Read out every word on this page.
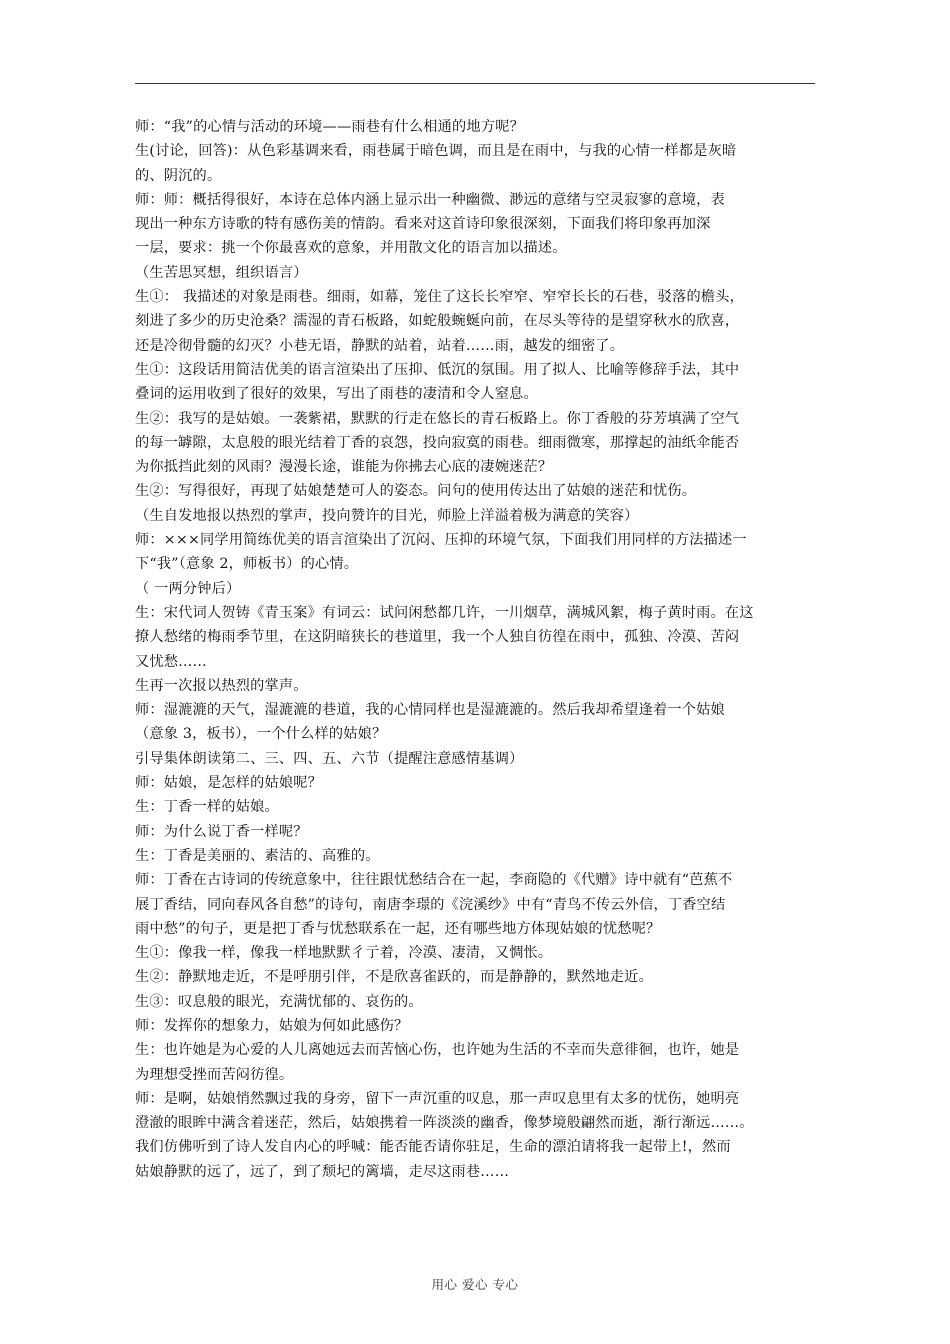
师：“我”的心情与活动的环境——雨巷有什么相通的地方呢？
生(讨论，回答)：从色彩基调来看，雨巷属于暗色调，而且是在雨中，与我的心情一样都是灰暗
的、阴沉的。
师：师：概括得很好，本诗在总体内涵上显示出一种幽微、渺远的意绪与空灵寂寥的意境，表
现出一种东方诗歌的特有感伤美的情韵。看来对这首诗印象很深刻，下面我们将印象再加深
一层，要求：挑一个你最喜欢的意象，并用散文化的语言加以描述。
（生苦思冥想，组织语言）
生①： 我描述的对象是雨巷。细雨，如幕，笼住了这长长窄窄、窄窄长长的石巷，驳落的檐头，
刻进了多少的历史沧桑？濡湿的青石板路，如蛇般蜿蜒向前，在尽头等待的是望穿秋水的欣喜，
还是冷彻骨髓的幻灭？小巷无语，静默的站着，站着……雨，越发的细密了。
生①：这段话用简洁优美的语言渲染出了压抑、低沉的氛围。用了拟人、比喻等修辞手法，其中
叠词的运用收到了很好的效果，写出了雨巷的凄清和令人窒息。
生②：我写的是姑娘。一袭紫裙，默默的行走在悠长的青石板路上。你丁香般的芬芳填满了空气
的每一罅隙，太息般的眼光结着丁香的哀怨，投向寂寞的雨巷。细雨微寒，那撑起的油纸伞能否
为你抵挡此刻的风雨？漫漫长途，谁能为你拂去心底的凄婉迷茫？
生②：写得很好，再现了姑娘楚楚可人的姿态。问句的使用传达出了姑娘的迷茫和忧伤。
（生自发地报以热烈的掌声，投向赞许的目光，师脸上洋溢着极为满意的笑容）
师：×××同学用简练优美的语言渲染出了沉闷、压抑的环境气氛，下面我们用同样的方法描述一
下“我”（意象 2，师板书）的心情。
（ 一两分钟后）
生：宋代词人贺铸《青玉案》有词云：试问闲愁都几许，一川烟草，满城风絮，梅子黄时雨。在这
撩人愁绪的梅雨季节里，在这阴暗狭长的巷道里，我一个人独自彷徨在雨中，孤独、冷漠、苦闷
又忧愁……
生再一次报以热烈的掌声。
师：湿漉漉的天气，湿漉漉的巷道，我的心情同样也是湿漉漉的。然后我却希望逢着一个姑娘
（意象 3，板书），一个什么样的姑娘？
引导集体朗读第二、三、四、五、六节（提醒注意感情基调）
师：姑娘，是怎样的姑娘呢？
生：丁香一样的姑娘。
师：为什么说丁香一样呢？
生：丁香是美丽的、素洁的、高雅的。
师：丁香在古诗词的传统意象中，往往跟忧愁结合在一起，李商隐的《代赠》诗中就有“芭蕉不
展丁香结，同向春风各自愁”的诗句，南唐李璟的《浣溪纱》中有“青鸟不传云外信，丁香空结
雨中愁”的句子，更是把丁香与忧愁联系在一起，还有哪些地方体现姑娘的忧愁呢？
生①：像我一样，像我一样地默默彳亍着，冷漠、凄清，又惆怅。
生②：静默地走近，不是呼朋引伴，不是欣喜雀跃的，而是静静的，默然地走近。
生③：叹息般的眼光，充满忧郁的、哀伤的。
师：发挥你的想象力，姑娘为何如此感伤？
生：也许她是为心爱的人儿离她远去而苦恼心伤，也许她为生活的不幸而失意徘徊，也许，她是
为理想受挫而苦闷彷徨。
师：是啊，姑娘悄然飘过我的身旁，留下一声沉重的叹息，那一声叹息里有太多的忧伤，她明亮
澄澈的眼眸中满含着迷茫，然后，姑娘携着一阵淡淡的幽香，像梦境般翩然而逝，渐行渐远……。
我们仿佛听到了诗人发自内心的呼喊：能否能否请你驻足，生命的漂泊请将我一起带上!，然而
姑娘静默的远了，远了，到了颓圮的篱墙，走尽这雨巷……
用心 爱心 专心
